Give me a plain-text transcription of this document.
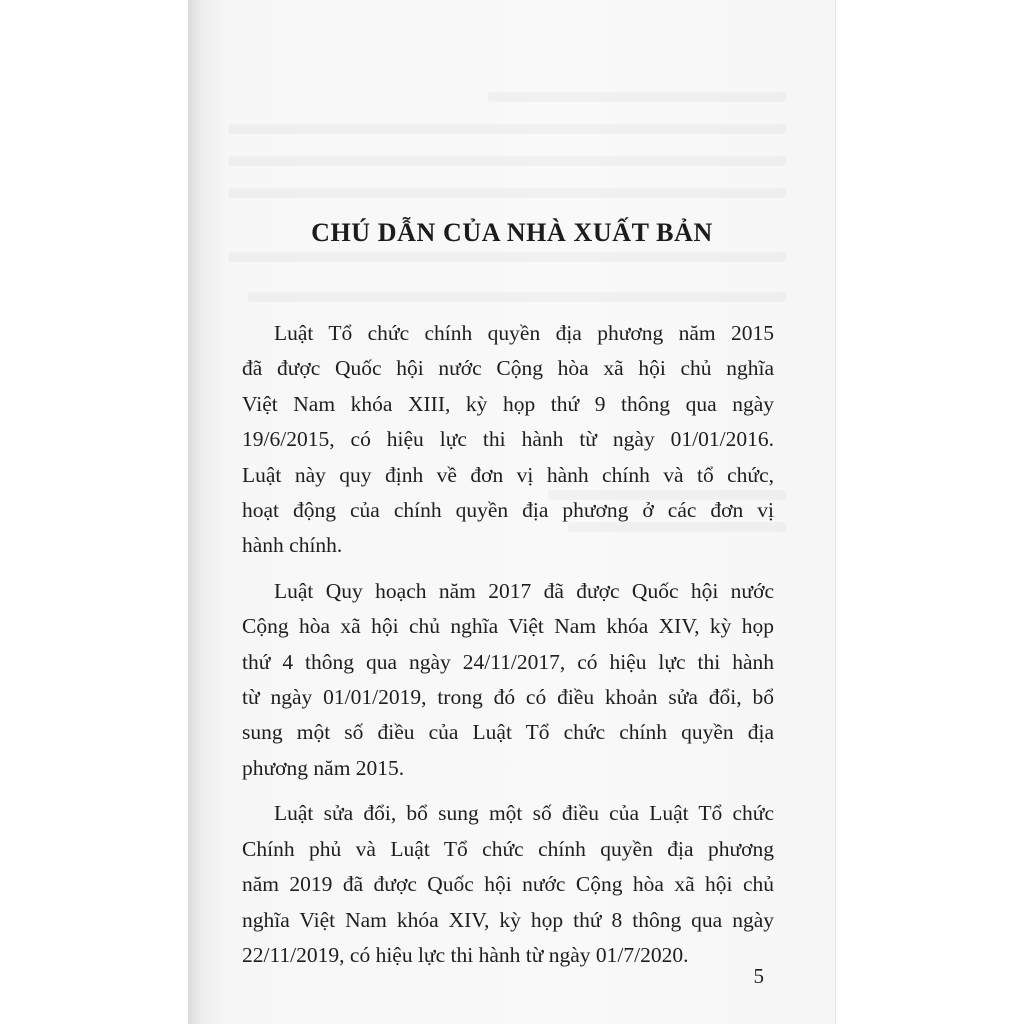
CHÚ DẪN CỦA NHÀ XUẤT BẢN

Luật Tổ chức chính quyền địa phương năm 2015
đã được Quốc hội nước Cộng hòa xã hội chủ nghĩa
Việt Nam khóa XIII, kỳ họp thứ 9 thông qua ngày
19/6/2015, có hiệu lực thi hành từ ngày 01/01/2016.
Luật này quy định về đơn vị hành chính và tổ chức,
hoạt động của chính quyền địa phương ở các đơn vị
hành chính.

Luật Quy hoạch năm 2017 đã được Quốc hội nước
Cộng hòa xã hội chủ nghĩa Việt Nam khóa XIV, kỳ họp
thứ 4 thông qua ngày 24/11/2017, có hiệu lực thi hành
từ ngày 01/01/2019, trong đó có điều khoản sửa đổi, bổ
sung một số điều của Luật Tổ chức chính quyền địa
phương năm 2015.

Luật sửa đổi, bổ sung một số điều của Luật Tổ chức
Chính phủ và Luật Tổ chức chính quyền địa phương
năm 2019 đã được Quốc hội nước Cộng hòa xã hội chủ
nghĩa Việt Nam khóa XIV, kỳ họp thứ 8 thông qua ngày
22/11/2019, có hiệu lực thi hành từ ngày 01/7/2020.

5
